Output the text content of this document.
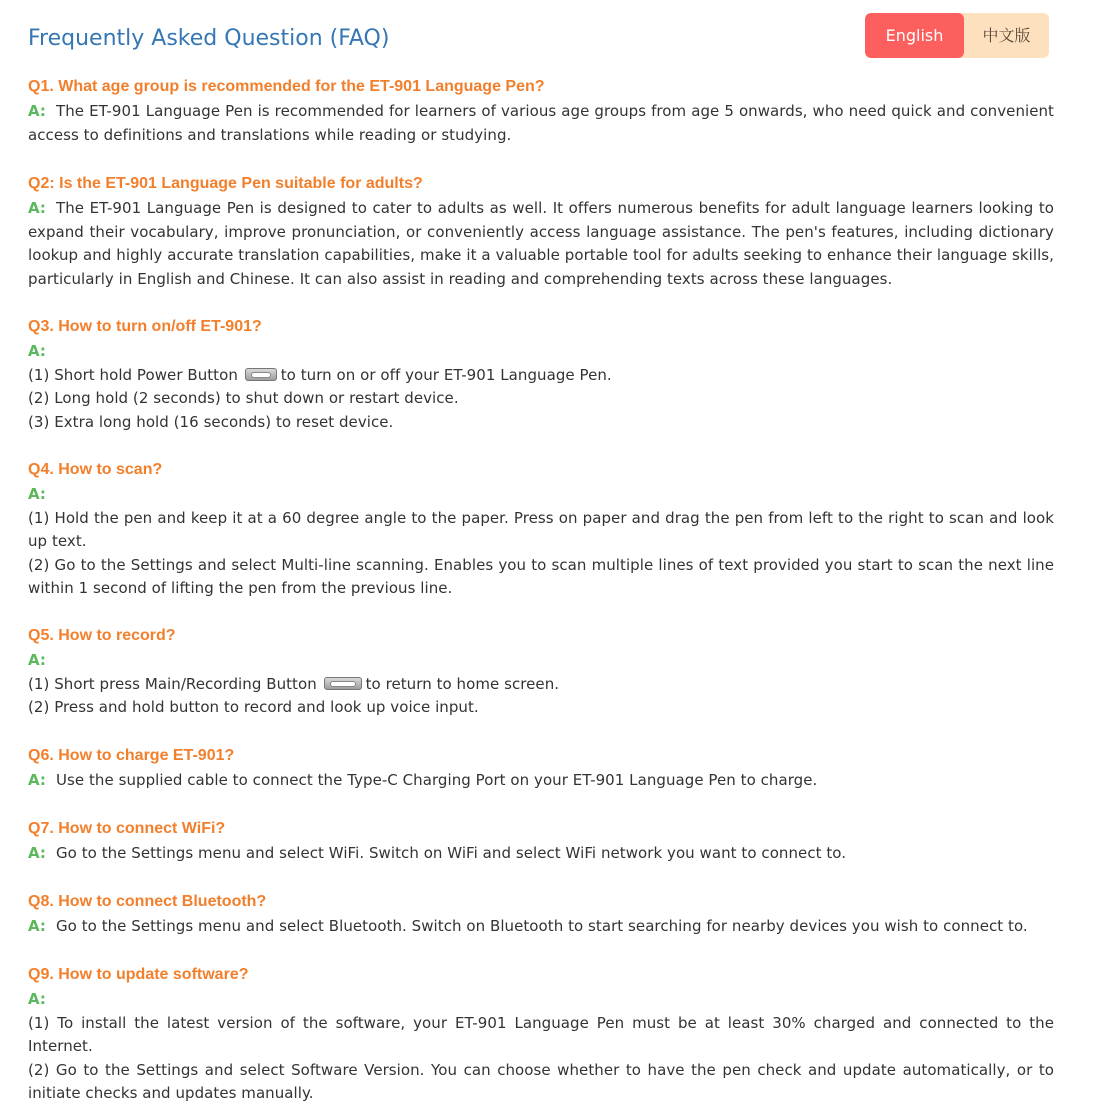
Frequently Asked Question (FAQ)	English	中文版
Q1. What age group is recommended for the ET-901 Language Pen?
A: The ET-901 Language Pen is recommended for learners of various age groups from age 5 onwards, who need quick and convenient access to definitions and translations while reading or studying.
Q2: Is the ET-901 Language Pen suitable for adults?
A: The ET-901 Language Pen is designed to cater to adults as well. It offers numerous benefits for adult language learners looking to expand their vocabulary, improve pronunciation, or conveniently access language assistance. The pen's features, including dictionary lookup and highly accurate translation capabilities, make it a valuable portable tool for adults seeking to enhance their language skills, particularly in English and Chinese. It can also assist in reading and comprehending texts across these languages.
Q3. How to turn on/off ET-901?
A:
(1) Short hold Power Button	to turn on or off your ET-901 Language Pen.
(2) Long hold (2 seconds) to shut down or restart device.
(3) Extra long hold (16 seconds) to reset device.
Q4. How to scan?
A:
(1) Hold the pen and keep it at a 60 degree angle to the paper. Press on paper and drag the pen from left to the right to scan and look up text.
(2) Go to the Settings and select Multi-line scanning. Enables you to scan multiple lines of text provided you start to scan the next line within 1 second of lifting the pen from the previous line.
Q5. How to record?
A:
(1) Short press Main/Recording Button	to return to home screen.
(2) Press and hold button to record and look up voice input.
Q6. How to charge ET-901?
A: Use the supplied cable to connect the Type-C Charging Port on your ET-901 Language Pen to charge.
Q7. How to connect WiFi?
A: Go to the Settings menu and select WiFi. Switch on WiFi and select WiFi network you want to connect to.
Q8. How to connect Bluetooth?
A: Go to the Settings menu and select Bluetooth. Switch on Bluetooth to start searching for nearby devices you wish to connect to.
Q9. How to update software?
A:
(1) To install the latest version of the software, your ET-901 Language Pen must be at least 30% charged and connected to the Internet.
(2) Go to the Settings and select Software Version. You can choose whether to have the pen check and update automatically, or to initiate checks and updates manually.
